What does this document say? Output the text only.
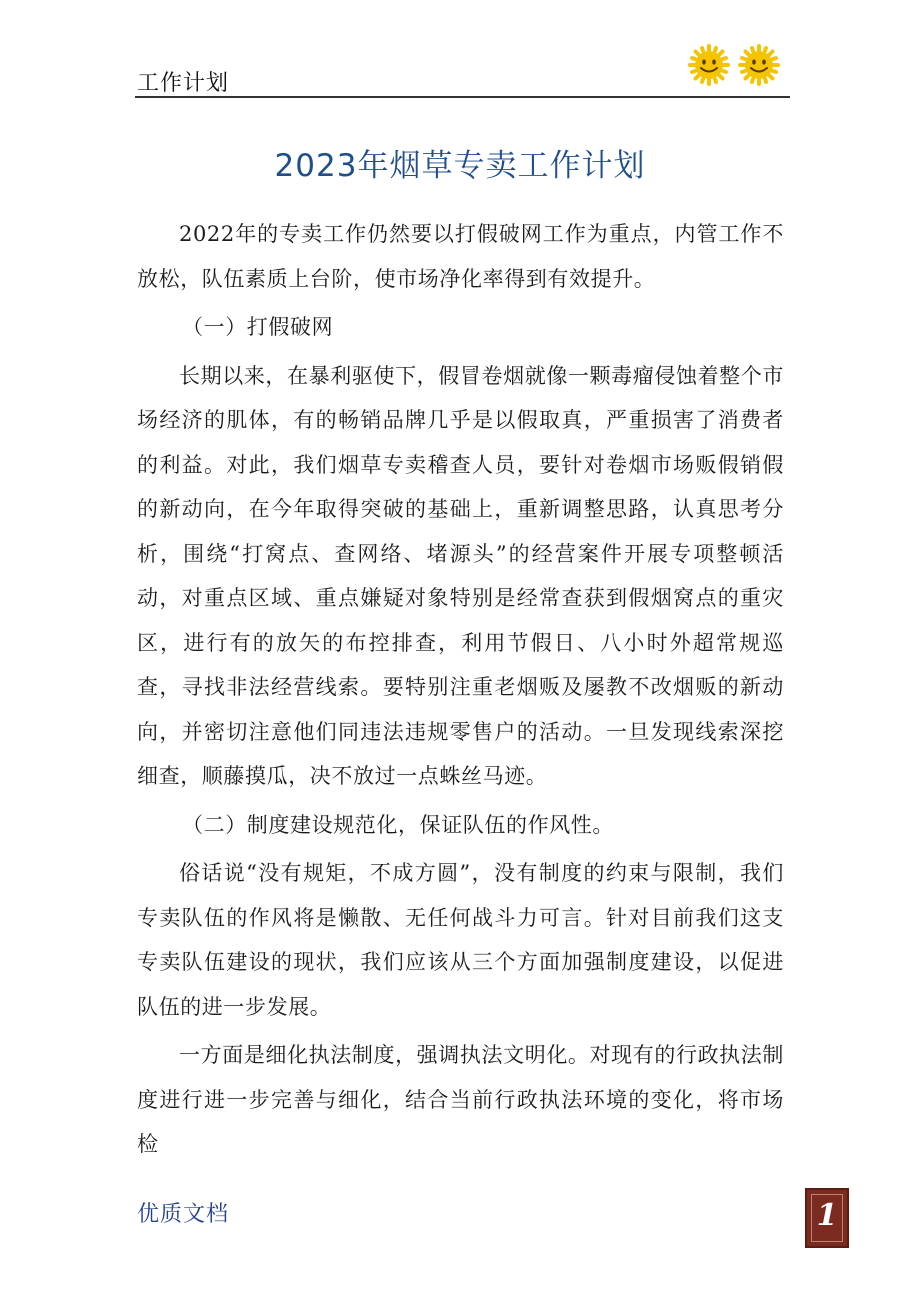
工作计划
2023年烟草专卖工作计划

2022年的专卖工作仍然要以打假破网工作为重点，内管工作不放松，队伍素质上台阶，使市场净化率得到有效提升。

（一）打假破网

长期以来，在暴利驱使下，假冒卷烟就像一颗毒瘤侵蚀着整个市场经济的肌体，有的畅销品牌几乎是以假取真，严重损害了消费者的利益。对此，我们烟草专卖稽查人员，要针对卷烟市场贩假销假的新动向，在今年取得突破的基础上，重新调整思路，认真思考分析，围绕“打窝点、查网络、堵源头”的经营案件开展专项整顿活动，对重点区域、重点嫌疑对象特别是经常查获到假烟窝点的重灾区，进行有的放矢的布控排查，利用节假日、八小时外超常规巡查，寻找非法经营线索。要特别注重老烟贩及屡教不改烟贩的新动向，并密切注意他们同违法违规零售户的活动。一旦发现线索深挖细查，顺藤摸瓜，决不放过一点蛛丝马迹。

（二）制度建设规范化，保证队伍的作风性。

俗话说“没有规矩，不成方圆”，没有制度的约束与限制，我们专卖队伍的作风将是懒散、无任何战斗力可言。针对目前我们这支专卖队伍建设的现状，我们应该从三个方面加强制度建设，以促进队伍的进一步发展。

一方面是细化执法制度，强调执法文明化。对现有的行政执法制度进行进一步完善与细化，结合当前行政执法环境的变化，将市场检

优质文档	1
